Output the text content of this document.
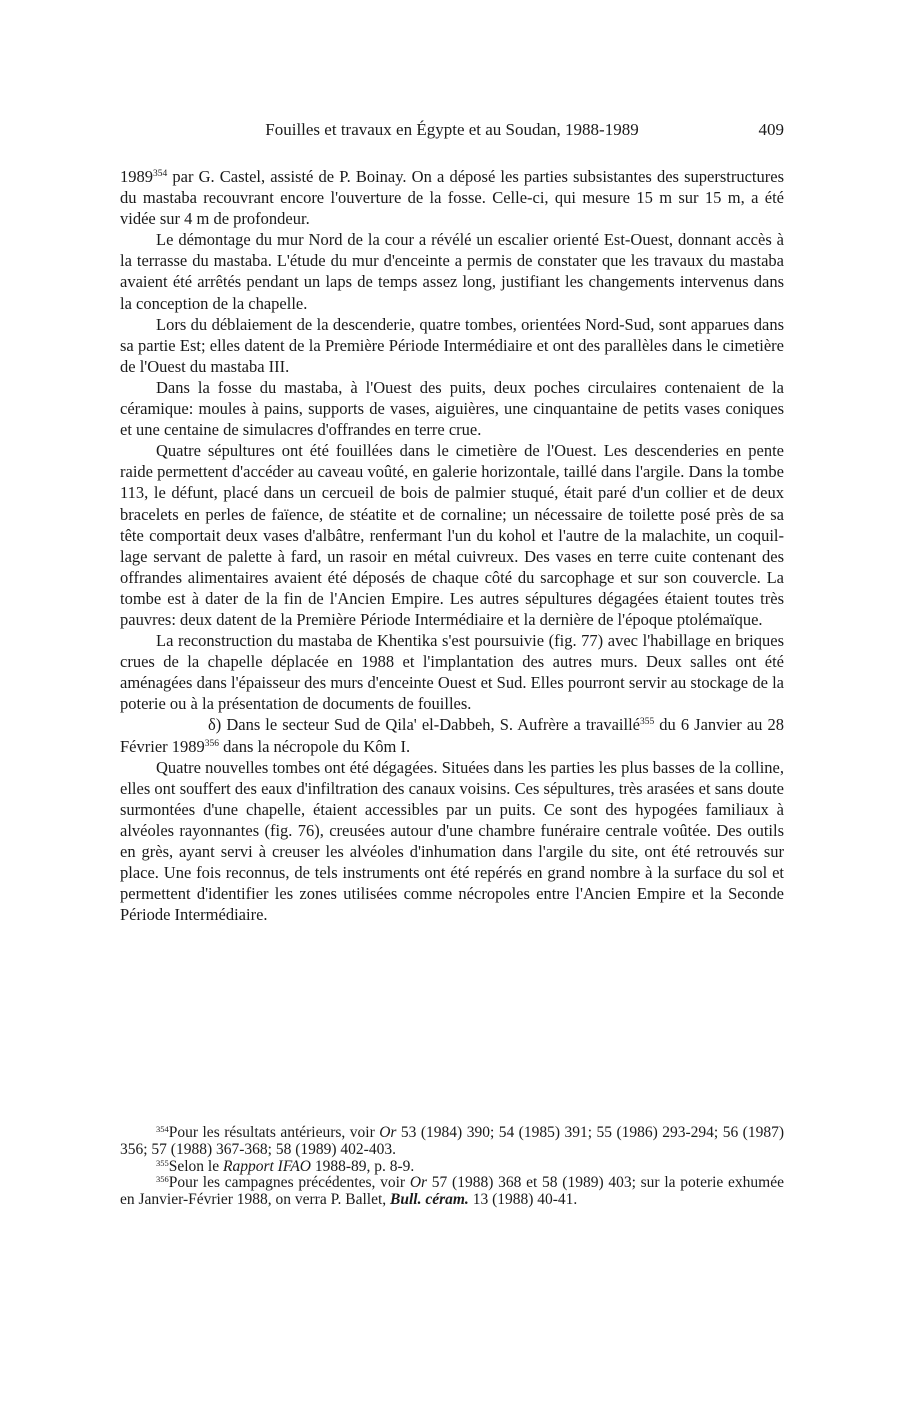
Fouilles et travaux en Égypte et au Soudan, 1988-1989	409

1989$^{354}$ par G. Castel, assisté de P. Boinay. On a déposé les parties subsistantes des superstructures du mastaba recouvrant encore l'ouverture de la fosse. Celle-ci, qui mesure 15 m sur 15 m, a été vidée sur 4 m de profondeur.

Le démontage du mur Nord de la cour a révélé un escalier orienté Est-Ouest, donnant accès à la terrasse du mastaba. L'étude du mur d'enceinte a permis de constater que les travaux du mastaba avaient été arrêtés pendant un laps de temps assez long, justifiant les changements intervenus dans la conception de la chapelle.

Lors du déblaiement de la descenderie, quatre tombes, orientées Nord-Sud, sont apparues dans sa partie Est; elles datent de la Première Période Intermédiaire et ont des parallèles dans le cimetière de l'Ouest du mastaba III.

Dans la fosse du mastaba, à l'Ouest des puits, deux poches circulaires contenaient de la céramique: moules à pains, supports de vases, aiguières, une cinquantaine de petits vases coniques et une centaine de simulacres d'offrandes en terre crue.

Quatre sépultures ont été fouillées dans le cimetière de l'Ouest. Les descenderies en pente raide permettent d'accéder au caveau voûté, en galerie horizontale, taillé dans l'argile. Dans la tombe 113, le défunt, placé dans un cercueil de bois de palmier stuqué, était paré d'un collier et de deux bracelets en perles de faïence, de stéatite et de cornaline; un nécessaire de toilette posé près de sa tête comportait deux vases d'albâtre, renfermant l'un du kohol et l'autre de la malachite, un coquillage servant de palette à fard, un rasoir en métal cuivreux. Des vases en terre cuite contenant des offrandes alimentaires avaient été déposés de chaque côté du sarcophage et sur son couvercle. La tombe est à dater de la fin de l'Ancien Empire. Les autres sépultures dégagées étaient toutes très pauvres: deux datent de la Première Période Intermédiaire et la dernière de l'époque ptolémaïque.

La reconstruction du mastaba de Khentika s'est poursuivie (fig. 77) avec l'habillage en briques crues de la chapelle déplacée en 1988 et l'implantation des autres murs. Deux salles ont été aménagées dans l'épaisseur des murs d'enceinte Ouest et Sud. Elles pourront servir au stockage de la poterie ou à la présentation de documents de fouilles.

δ) Dans le secteur Sud de Qila' el-Dabbeh, S. Aufrère a travaillé$^{355}$ du 6 Janvier au 28 Février 1989$^{356}$ dans la nécropole du Kôm I.

Quatre nouvelles tombes ont été dégagées. Situées dans les parties les plus basses de la colline, elles ont souffert des eaux d'infiltration des canaux voisins. Ces sépultures, très arasées et sans doute surmontées d'une chapelle, étaient accessibles par un puits. Ce sont des hypogées familiaux à alvéoles rayonnantes (fig. 76), creusées autour d'une chambre funéraire centrale voûtée. Des outils en grès, ayant servi à creuser les alvéoles d'inhumation dans l'argile du site, ont été retrouvés sur place. Une fois reconnus, de tels instruments ont été repérés en grand nombre à la surface du sol et permettent d'identifier les zones utilisées comme nécropoles entre l'Ancien Empire et la Seconde Période Intermédiaire.

$^{354}$Pour les résultats antérieurs, voir Or 53 (1984) 390; 54 (1985) 391; 55 (1986) 293-294; 56 (1987) 356; 57 (1988) 367-368; 58 (1989) 402-403.

$^{355}$Selon le Rapport IFAO 1988-89, p. 8-9.

$^{356}$Pour les campagnes précédentes, voir Or 57 (1988) 368 et 58 (1989) 403; sur la poterie exhumée en Janvier-Février 1988, on verra P. Ballet, Bull. céram. 13 (1988) 40-41.
